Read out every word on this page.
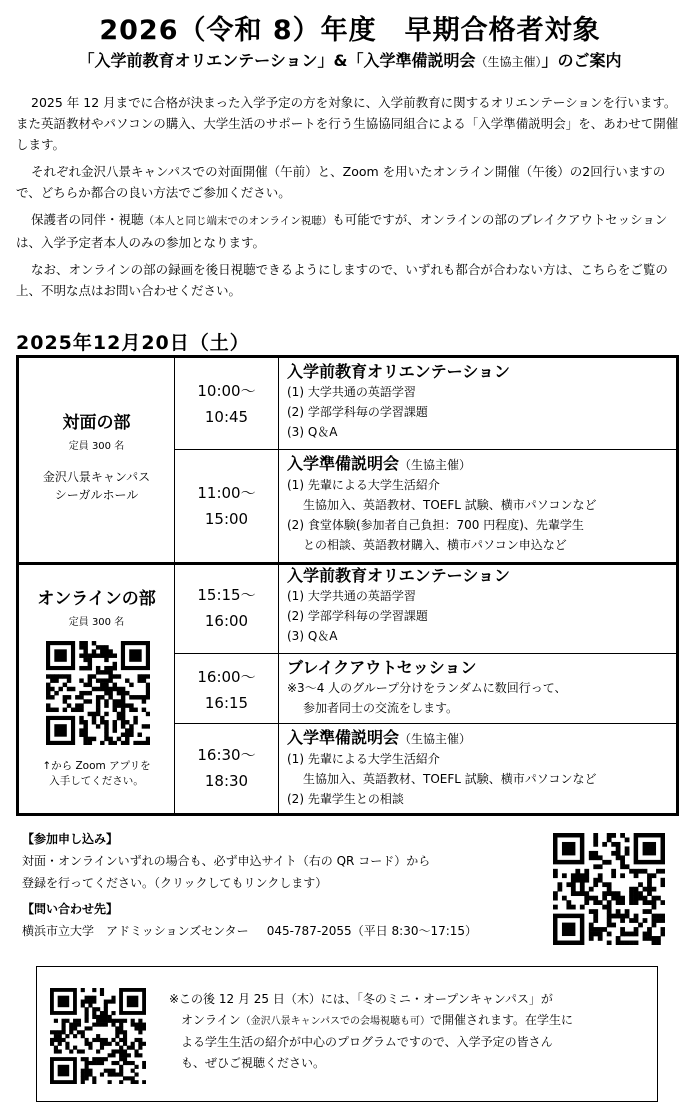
2026（令和 8）年度　早期合格者対象
「入学前教育オリエンテーション」&「入学準備説明会（生協主催）」のご案内

2025 年 12 月までに合格が決まった入学予定の方を対象に、入学前教育に関するオリエンテーションを行います。また英語教材やパソコンの購入、大学生活のサポートを行う生協協同組合による「入学準備説明会」を、あわせて開催します。

それぞれ金沢八景キャンパスでの対面開催（午前）と、Zoom を用いたオンライン開催（午後）の2回行いますので、どちらか都合の良い方法でご参加ください。

保護者の同伴・視聴（本人と同じ端末でのオンライン視聴）も可能ですが、オンラインの部のブレイクアウトセッションは、入学予定者本人のみの参加となります。

なお、オンラインの部の録画を後日視聴できるようにしますので、いずれも都合が合わない方は、こちらをご覧の上、不明な点はお問い合わせください。

2025年12月20日（土）
対面の部
定員 300 名
金沢八景キャンパス
シーガルホール
10:00〜
10:45
入学前教育オリエンテーション
(1) 大学共通の英語学習
(2) 学部学科毎の学習課題
(3) Q＆A
11:00〜
15:00
入学準備説明会（生協主催）
(1) 先輩による大学生活紹介
生協加入、英語教材、TOEFL 試験、横市パソコンなど
(2) 食堂体験(参加者自己負担：700 円程度)、先輩学生
との相談、英語教材購入、横市パソコン申込など
オンラインの部
定員 300 名
↑から Zoom アプリを
入手してください。
15:15〜
16:00
入学前教育オリエンテーション
(1) 大学共通の英語学習
(2) 学部学科毎の学習課題
(3) Q＆A
16:00〜
16:15
ブレイクアウトセッション
※3〜4 人のグループ分けをランダムに数回行って、
参加者同士の交流をします。
16:30〜
18:30
入学準備説明会（生協主催）
(1) 先輩による大学生活紹介
生協加入、英語教材、TOEFL 試験、横市パソコンなど
(2) 先輩学生との相談
【参加申し込み】
対面・オンラインいずれの場合も、必ず申込サイト（右の QR コード）から
登録を行ってください。（クリックしてもリンクします）
【問い合わせ先】
横浜市立大学　アドミッションズセンター 045-787-2055（平日 8:30〜17:15）
※この後 12 月 25 日（木）には、「冬のミニ・オープンキャンパス」が
オンライン（金沢八景キャンパスでの会場視聴も可）で開催されます。在学生に
よる学生生活の紹介が中心のプログラムですので、入学予定の皆さん
も、ぜひご視聴ください。
